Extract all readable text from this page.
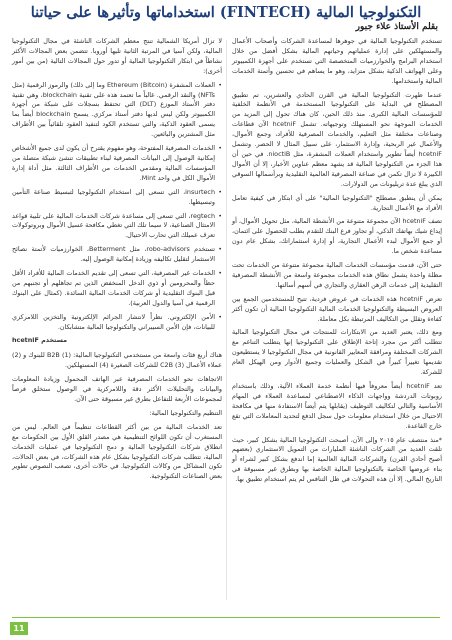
التكنولوجيا المالية (FINTECH) استخداماتها وتأثيرها على حياتنا
بقلم الأستاذ علاء جبور

تستخدم التكنولوجيا المالية في جوهرها لمساعدة الشركات وأصحاب الأعمال والمستهلكين على إدارة عملياتهم وحياتهم المالية بشكل أفضل من خلال استخدام البرامج والخوارزميات المتخصصة التي تستخدم على أجهزة الكمبيوتر وعلى الهواتف الذكية بشكل متزايد، وهو ما يساهم في تحسين وأتمتة الخدمات المالية واستخدامها.

عندما ظهرت التكنولوجيا المالية في القرن الحادي والعشرين، تم تطبيق المصطلح في البداية على التكنولوجيا المستخدمة في الأنظمة الخلفية للمؤسسات المالية الكبرى. منذ ذلك الحين، كان هناك تحول إلى المزيد من الخدمات الموجهة نحو المستهلك وتوجيهاته. تشمل hcetniF الآن قطاعات وصناعات مختلفة مثل التعليم، والخدمات المصرفية للأفراد، وجمع الأموال، والأعمال غير الربحية، وإدارة الاستثمار، على سبيل المثال لا الحصر. وتشمل hcetniF أيضاً تطوير واستخدام العملات المشفرة، مثل nioctiB. في حين أن هذا الجزء من التكنولوجيا المالية قد يشهد معظم عناوين الأخبار، إلا أن الأموال الكبيرة لا تزال تكمن في صناعة المصرفية العالمية التقليدية وبرأسمالها السوقي الذي يبلغ عدة تريليونات من الدولارات.

يمكن أن ينطبق مصطلح "التكنولوجيا المالية" على أي ابتكار في كيفية تعامل الأفراد مع الأعمال التجارية.

تصف hcetniF الآن مجموعة متنوعة من الأنشطة المالية، مثل تحويل الأموال، أو إيداع شيك بهاتفك الذكي، أو تجاوز فرع البنك للتقدم بطلب للحصول على ائتمان، أو جمع الأموال لبدء الأعمال التجارية، أو إدارة استثماراتك، بشكل عام دون مساعدة شخص ما.

حتى الآن، قدمت مؤسسات الخدمات المالية مجموعة متنوعة من الخدمات تحت مظلة واحدة يشمل نطاق هذه الخدمات مجموعة واسعة من الأنشطة المصرفية التقليدية إلى خدمات الرهن العقاري والتجاري في أسهم أسالتها.

تعرض hcetniF هذه الخدمات في عروض فردية، تتيح للمستخدمين الجمع بين العروض البسيطة والتكنولوجيا الخدمات المالية التكنولوجيا المالية أن تكون أكثر كفاءة وتقلل من التكاليف المرتبطة بكل معاملة.

ومع ذلك، يعتبر العديد من الابتكارات للمنتجات في مجال التكنولوجيا المالية تتطلب أكثر من مجرد إتاحة الإطلاق على التكنولوجيا إنها يتطلب التناغم مع الشركات المختلفة ومرافقة المعايير القانونية في مجال التكنولوجيا لا يستطيعون تقديمها تغييراً كبيراً في الشكل والعمليات وجميع الأدوار ومن الهيكل العام للشركة.

تعد hcetniF أيضاً معروفاً فيها أنظمة خدمة العملاء الآلية، وذلك باستخدام روبوتات الدردشة وواجهات الذكاء الاصطناعي لمساعدة العملاء في المهام الأساسية والتالي لتكاليف التوظيف (يقابلها يتم أيضاً الاستفادة منها في مكافحة الاحتيال من خلال استخدام معلومات حول سجل الدفع لتحديد المعاملات التي تقع خارج القاعدة.

*منذ منتصف عام ٢٠١٥ وإلى الآن، أصبحت التكنولوجيا المالية بشكل كبير، حيث تلقت العديد من الشركات الناشئة المليارات من التمويل الاستثماري (بعضهم أصبح أحادي القرن) والشركات المالية العالمية إما اندفع بشكل كبير لشراء أو بناء عروضها الخاصة بالتكنولوجيا المالية الخاصة بها وبطرق غير مسبوقة في التاريخ المالي. إلا أن هذه التحولات في ظل التنافس لم يتم استخدام تطبيق بها.

لا تزال أمريكا الشمالية تنتج معظم الشركات الناشئة في مجال التكنولوجيا المالية، ولكن آسيا في المرتبة الثانية تليها أوروبا. تتضمن بعض المجالات الأكثر نشاطاً في ابتكار التكنولوجيا المالية أو تدور حول المجالات التالية (من بين أمور أخرى):

• العملات المشفرة (Bitcoin) Ethereum وما إلى ذلك) والرموز الرقمية (مثل NFTs) والنقد الرقمي. غالباً ما تعتمد هذه على تقنية blockchain، وهي تقنية دفتر الأستاذ الموزع (DLT) التي تحتفظ بسجلات على شبكة من أجهزة الكمبيوتر ولكن ليس لديها دفتر أستاذ مركزي. يسمح blockchain أيضاً بما يسمى العقود الذكية، والتي تستخدم الكود لتنفيذ العقود تلقائياً بين الأطراف مثل المشترين والبائعين.
• الخدمات المصرفية المفتوحة، وهو مفهوم يقترح أن يكون لدى جميع الأشخاص إمكانية الوصول إلى البيانات المصرفية لبناء تطبيقات تنشئ شبكة متصلة من المؤسسات المالية ومقدمي الخدمات من الأطراف الثالثة. مثل أداة إدارة الأموال الكل في واحد Mint.
• insurtech، التي تسعى إلى استخدام التكنولوجيا لتبسيط صناعة التأمين وتبسيطها.
• regtech، التي تسعى إلى مساعدة شركات الخدمات المالية على تلبية قواعد الامتثال الصناعية، لا سيما تلك التي تغطي مكافحة غسيل الأموال وبروتوكولات تعرف عميلك التي تحارب الاحتيال.
• تستخدم robo-advisors، مثل Betterment، الخوارزميات لأتمتة نصائح الاستثمار لتقليل تكاليفه وزيادة إمكانية الوصول إليه.
• الخدمات غير المصرفية، التي تسعى إلى تقديم الخدمات المالية للأفراد الأقل حظاً والمحرومين أو ذوي الدخل المنخفض الذين تم تجاهلهم أو تجنبهم من قبل البنوك التقليدية أو شركات الخدمات المالية السائدة. (كمثال على البنوك الرقمية في آسيا والدول العربية).
• الأمن الإلكتروني. نظراً لانتشار الجرائم الإلكترونية والتخزين اللامركزي للبيانات، فإن الأمن السيبراني والتكنولوجيا المالية متشابكان.

مستخدم hcetniF

هناك أربع فئات واسعة من مستخدمي التكنولوجيا المالية: (1) B2B للبنوك و (2) عملاء الأعمال (3) C2B للشركات الصغيرة (4) المستهلكين.

الاتجاهات نحو الخدمات المصرفية عبر الهاتف المحمول وزيادة المعلومات والبيانات والتحليلات الأكثر دقة واللامركزية في الوصول ستخلق فرصاً لمجموعات الأربعة للتفاعل بطرق غير مسبوقة حتى الآن.

التنظيم والتكنولوجيا المالية:

تعد الخدمات المالية من بين أكثر القطاعات تنظيماً في العالم. ليس من المستغرب أن تكون اللوائح التنظيمية هي مصدر القلق الأول بين الحكومات مع انطلاق شركات التكنولوجيا المالية و دمج التكنولوجيا في عمليات الخدمات المالية، تتطلب شركات التكنولوجيا بشكل عام هذه الشركات، في بعض الحالات، تكون المشاكل من وكالات التكنولوجيا. في حالات أخرى، تصعب النصوص تطوير بعض الصناعات التكنولوجية.

11
